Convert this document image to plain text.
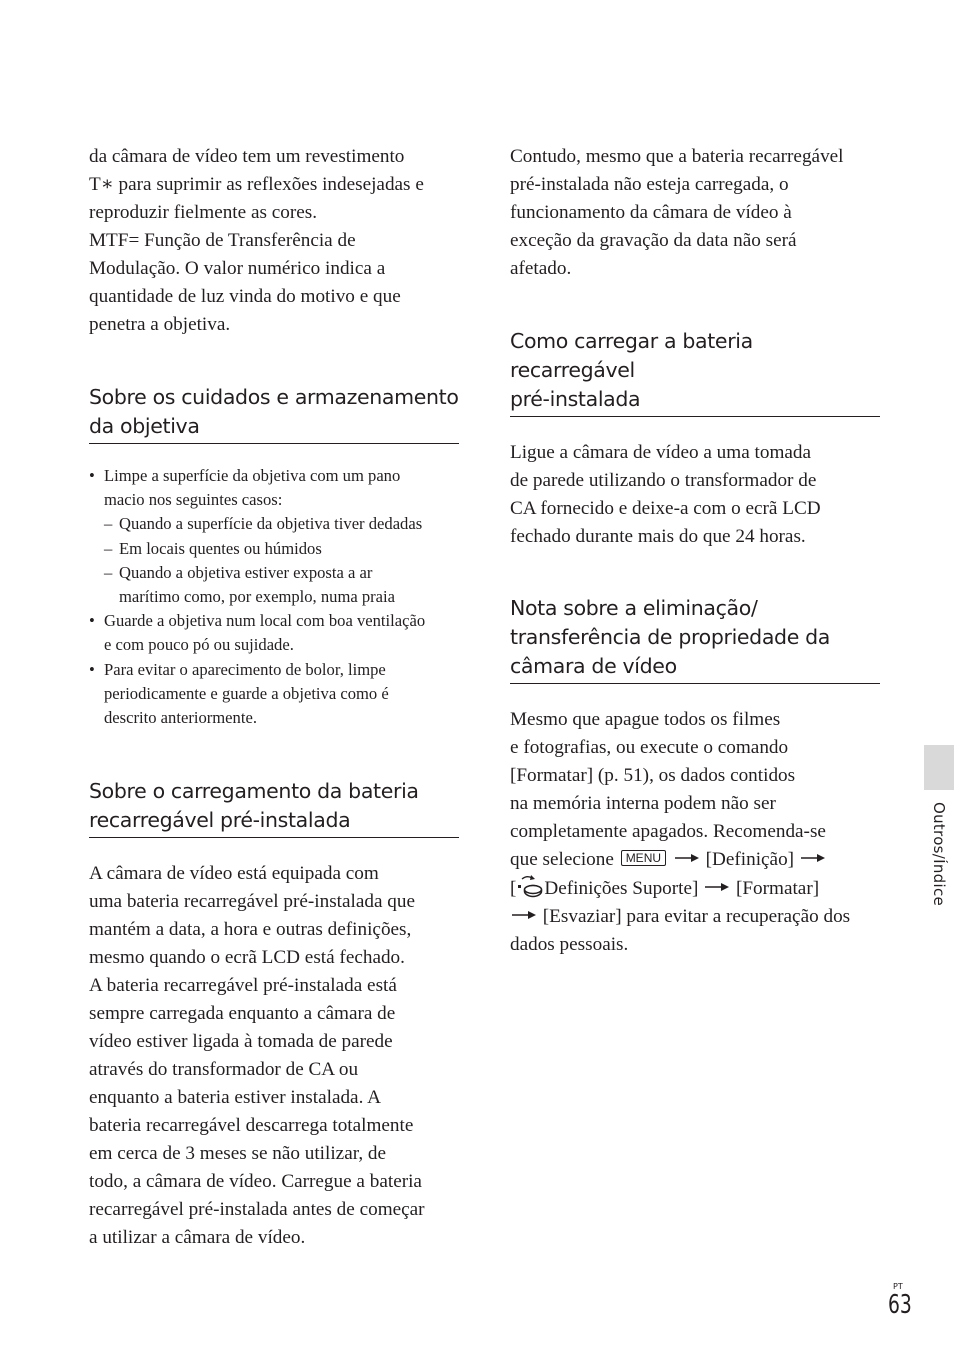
da câmara de vídeo tem um revestimento
T∗ para suprimir as reflexões indesejadas e
reproduzir fielmente as cores.
MTF= Função de Transferência de
Modulação. O valor numérico indica a
quantidade de luz vinda do motivo e que
penetra a objetiva.

Sobre os cuidados e armazenamento
da objetiva
• Limpe a superfície da objetiva com um pano
macio nos seguintes casos:
– Quando a superfície da objetiva tiver dedadas
– Em locais quentes ou húmidos
– Quando a objetiva estiver exposta a ar
marítimo como, por exemplo, numa praia
• Guarde a objetiva num local com boa ventilação
e com pouco pó ou sujidade.
• Para evitar o aparecimento de bolor, limpe
periodicamente e guarde a objetiva como é
descrito anteriormente.
Sobre o carregamento da bateria
recarregável pré-instalada

A câmara de vídeo está equipada com
uma bateria recarregável pré-instalada que
mantém a data, a hora e outras definições,
mesmo quando o ecrã LCD está fechado.
A bateria recarregável pré-instalada está
sempre carregada enquanto a câmara de
vídeo estiver ligada à tomada de parede
através do transformador de CA ou
enquanto a bateria estiver instalada. A
bateria recarregável descarrega totalmente
em cerca de 3 meses se não utilizar, de
todo, a câmara de vídeo. Carregue a bateria
recarregável pré-instalada antes de começar
a utilizar a câmara de vídeo.

Contudo, mesmo que a bateria recarregável
pré-instalada não esteja carregada, o
funcionamento da câmara de vídeo à
exceção da gravação da data não será
afetado.

Como carregar a bateria recarregável
pré-instalada

Ligue a câmara de vídeo a uma tomada
de parede utilizando o transformador de
CA fornecido e deixe-a com o ecrã LCD
fechado durante mais do que 24 horas.

Nota sobre a eliminação/
transferência de propriedade da
câmara de vídeo

Mesmo que apague todos os filmes
e fotografias, ou execute o comando
[Formatar] (p. 51), os dados contidos
na memória interna podem não ser
completamente apagados. Recomenda-se
que selecione MENU [Definição]
[ Definições Suporte] [Formatar]
[Esvaziar] para evitar a recuperação dos
dados pessoais.

Outros/Índice
PT
63
